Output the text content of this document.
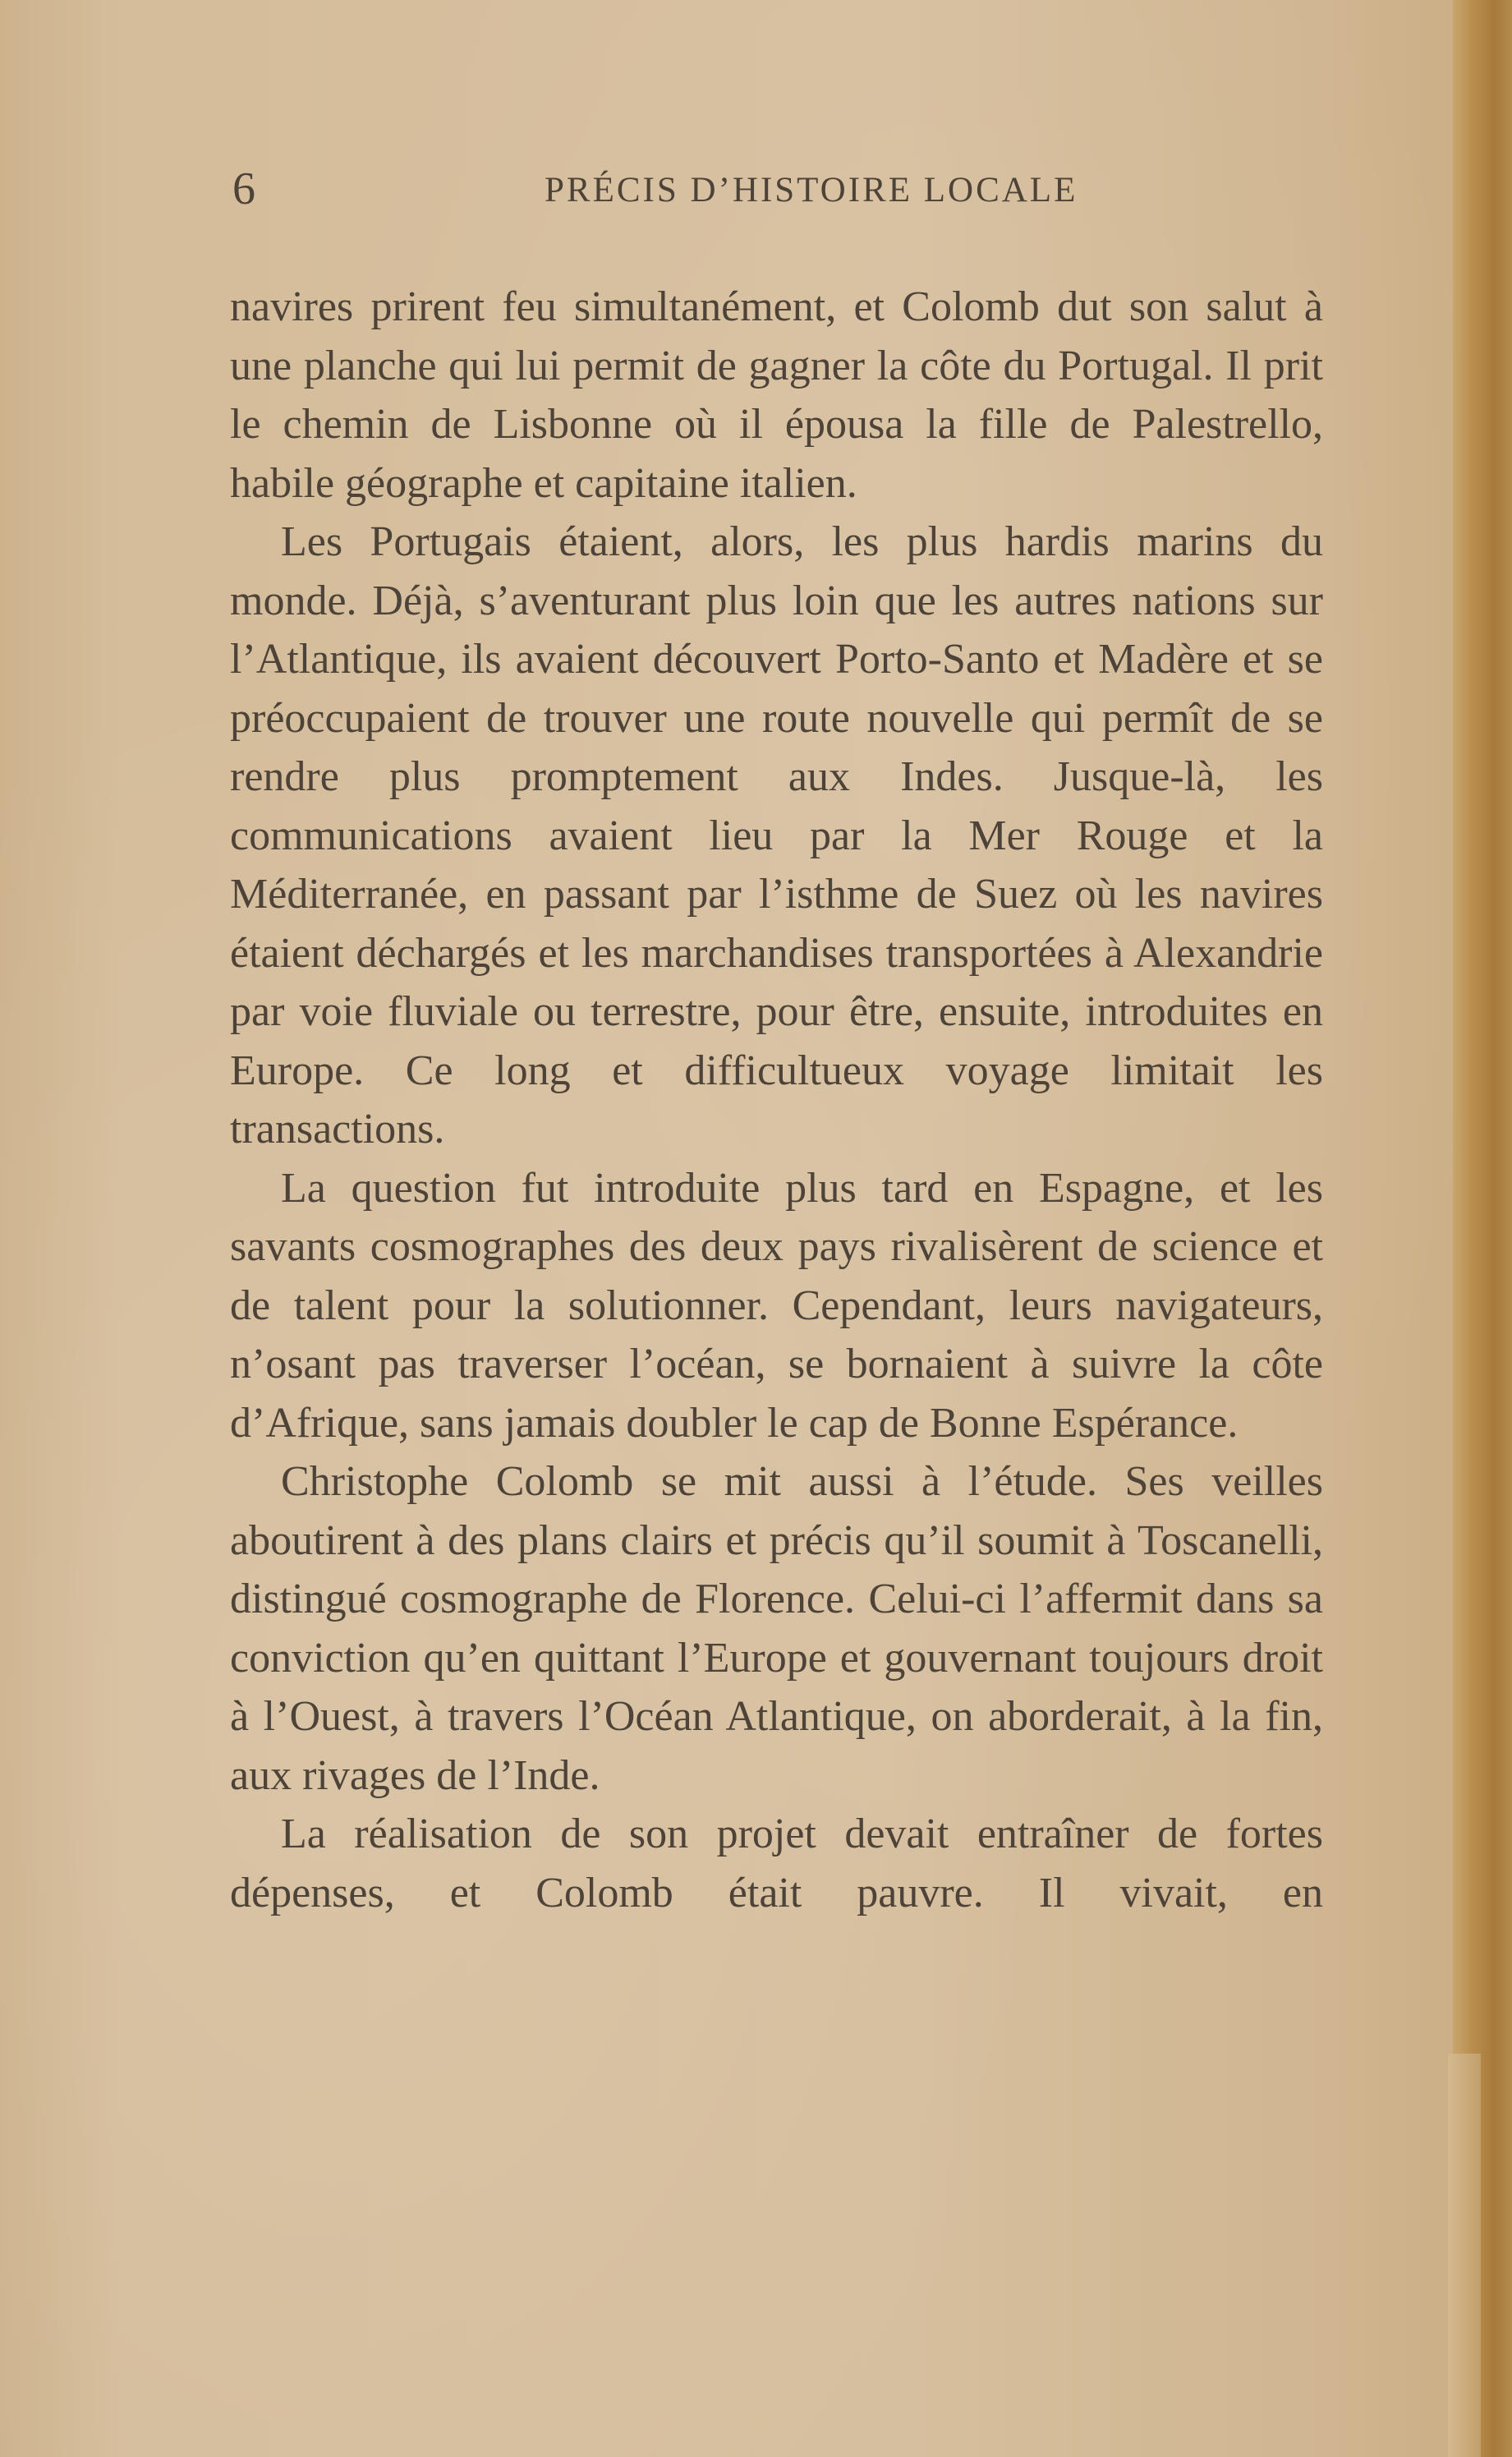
6	PRÉCIS D’HISTOIRE LOCALE

navires prirent feu simultanément, et Colomb dut son salut à une planche qui lui permit de gagner la côte du Portugal. Il prit le chemin de Lisbonne où il épousa la fille de Palestrello, habile géographe et capitaine italien.

Les Portugais étaient, alors, les plus hardis marins du monde. Déjà, s’aventurant plus loin que les autres nations sur l’Atlantique, ils avaient découvert Porto-Santo et Madère et se préoccupaient de trouver une route nouvelle qui permît de se rendre plus promptement aux Indes. Jusque-là, les communications avaient lieu par la Mer Rouge et la Méditerranée, en passant par l’isthme de Suez où les navires étaient déchargés et les marchandises transportées à Alexandrie par voie fluviale ou terrestre, pour être, ensuite, introduites en Europe. Ce long et difficultueux voyage limitait les transactions.

La question fut introduite plus tard en Espagne, et les savants cosmographes des deux pays rivalisèrent de science et de talent pour la solutionner. Cependant, leurs navigateurs, n’osant pas traverser l’océan, se bornaient à suivre la côte d’Afrique, sans jamais doubler le cap de Bonne Espérance.

Christophe Colomb se mit aussi à l’étude. Ses veilles aboutirent à des plans clairs et précis qu’il soumit à Toscanelli, distingué cosmographe de Florence. Celui-ci l’affermit dans sa conviction qu’en quittant l’Europe et gouvernant toujours droit à l’Ouest, à travers l’Océan Atlantique, on aborderait, à la fin, aux rivages de l’Inde.

La réalisation de son projet devait entraîner de fortes dépenses, et Colomb était pauvre. Il vivait, en
